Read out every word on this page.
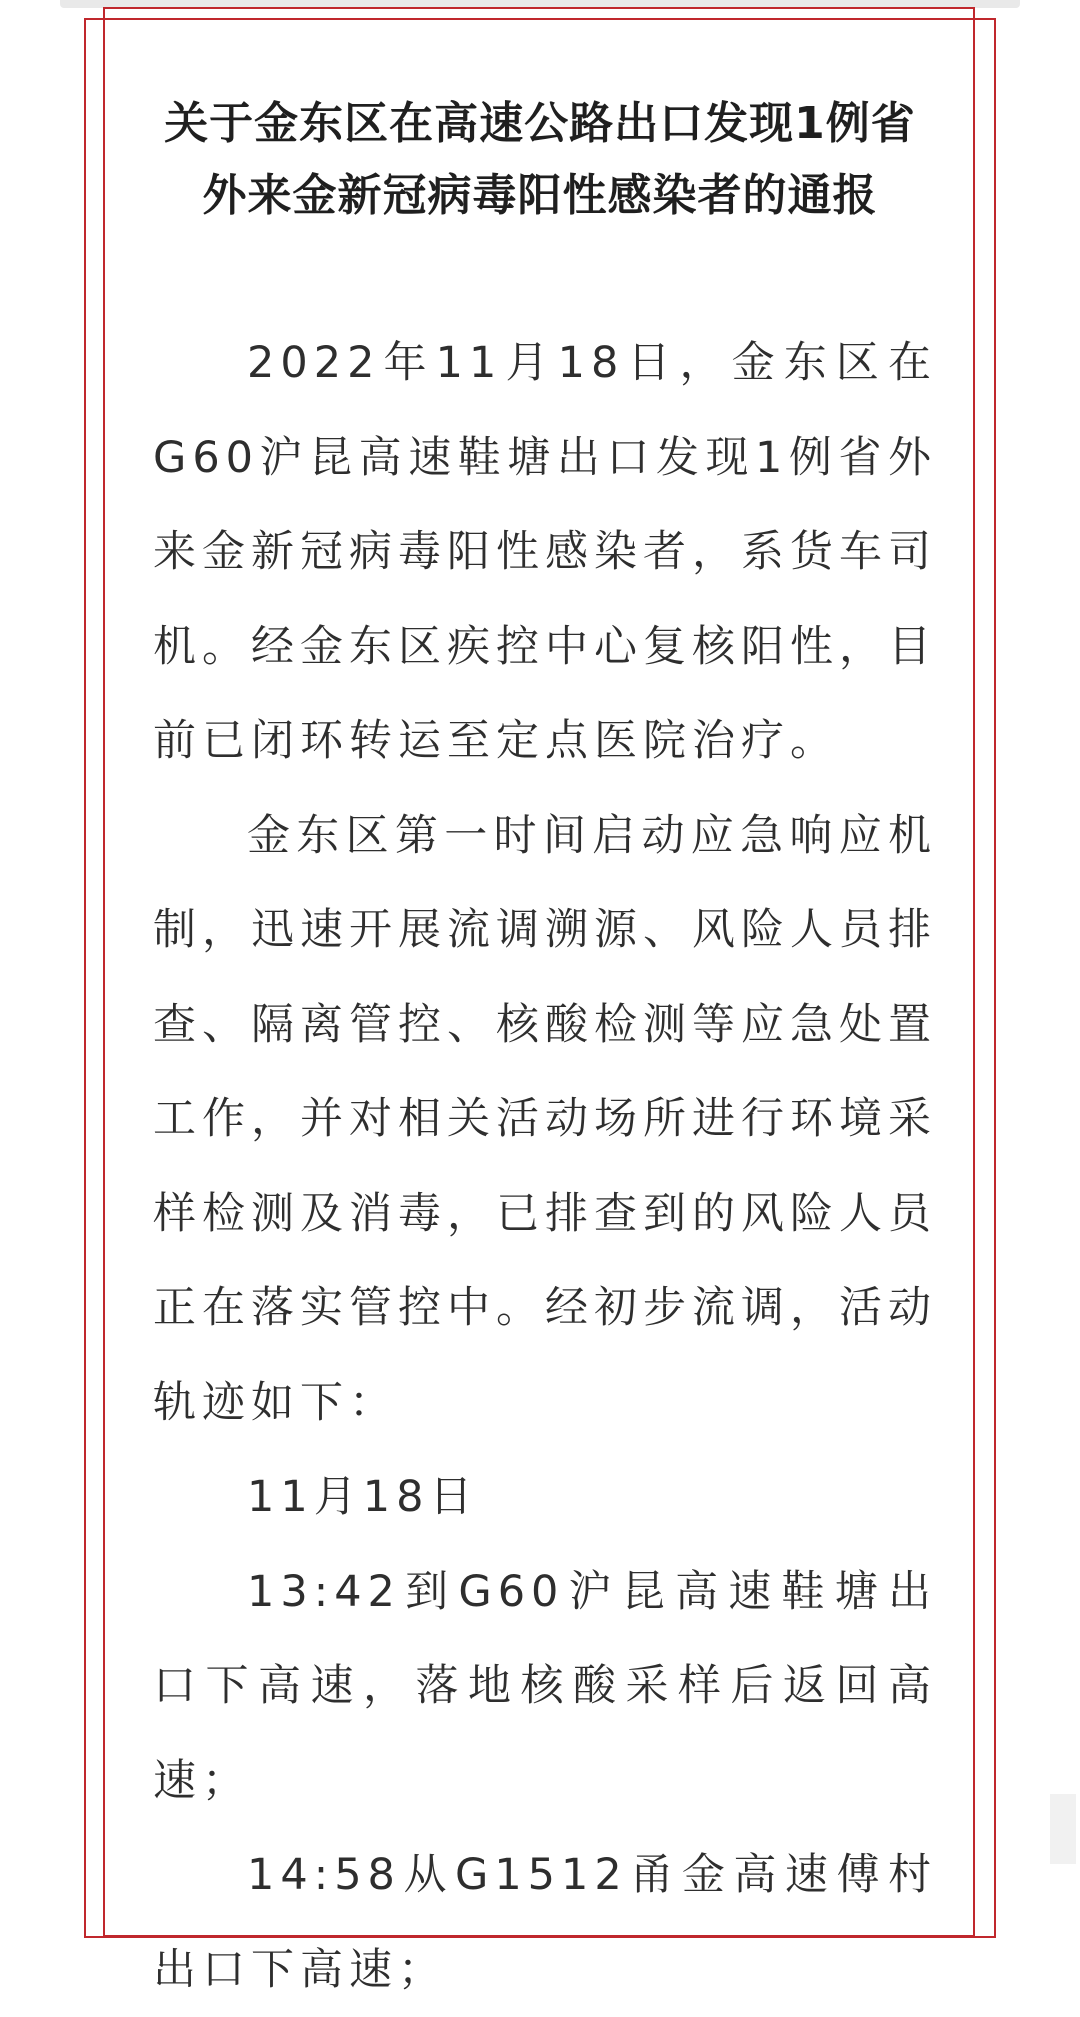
关于金东区在高速公路出口发现1例省
外来金新冠病毒阳性感染者的通报

2022年11月18日，金东区在G60沪昆高速鞋塘出口发现1例省外来金新冠病毒阳性感染者，系货车司机。经金东区疾控中心复核阳性，目前已闭环转运至定点医院治疗。

金东区第一时间启动应急响应机制，迅速开展流调溯源、风险人员排查、隔离管控、核酸检测等应急处置工作，并对相关活动场所进行环境采样检测及消毒，已排查到的风险人员正在落实管控中。经初步流调，活动轨迹如下：

11月18日

13:42到G60沪昆高速鞋塘出口下高速，落地核酸采样后返回高速；

14:58从G1512甬金高速傅村出口下高速；
